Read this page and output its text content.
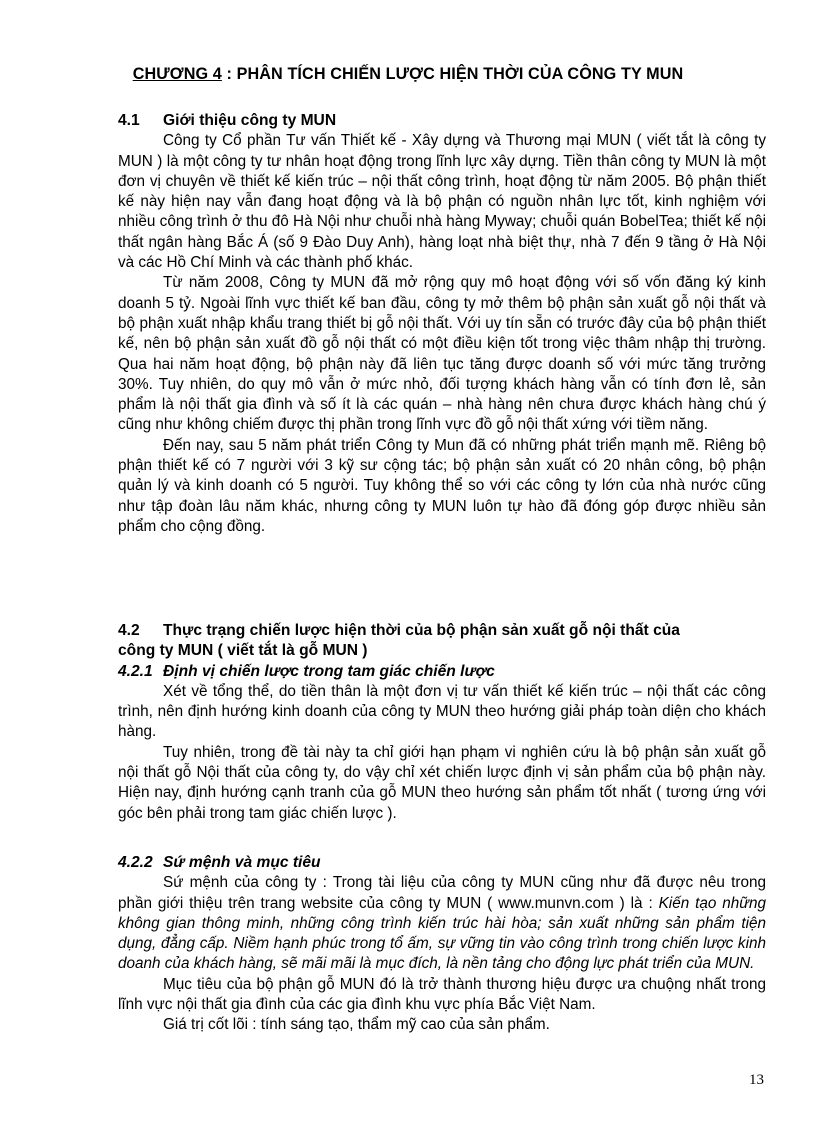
CHƯƠNG 4 : PHÂN TÍCH CHIẾN LƯỢC HIỆN THỜI CỦA CÔNG TY MUN
4.1 Giới thiệu công ty MUN

Công ty Cổ phần Tư vấn Thiết kế - Xây dựng và Thương mại MUN ( viết tắt là công ty MUN ) là một công ty tư nhân hoạt động trong lĩnh lực xây dựng. Tiền thân công ty MUN là một đơn vị chuyên về thiết kế kiến trúc – nội thất công trình, hoạt động từ năm 2005. Bộ phận thiết kế này hiện nay vẫn đang hoạt động và là bộ phận có nguồn nhân lực tốt, kinh nghiệm với nhiều công trình ở thu đô Hà Nội như chuỗi nhà hàng Myway; chuỗi quán BobelTea; thiết kế nội thất ngân hàng Bắc Á (số 9 Đào Duy Anh), hàng loạt nhà biệt thự, nhà 7 đến 9 tầng ở Hà Nội và các Hồ Chí Minh và các thành phố khác.

Từ năm 2008, Công ty MUN đã mở rộng quy mô hoạt động với số vốn đăng ký kinh doanh 5 tỷ. Ngoài lĩnh vực thiết kế ban đầu, công ty mở thêm bộ phận sản xuất gỗ nội thất và bộ phận xuất nhập khẩu trang thiết bị gỗ nội thất. Với uy tín sẵn có trước đây của bộ phận thiết kế, nên bộ phận sản xuất đồ gỗ nội thất có một điều kiện tốt trong việc thâm nhập thị trường. Qua hai năm hoạt động, bộ phận này đã liên tục tăng được doanh số với mức tăng trưởng 30%. Tuy nhiên, do quy mô vẫn ở mức nhỏ, đối tượng khách hàng vẫn có tính đơn lẻ, sản phẩm là nội thất gia đình và số ít là các quán – nhà hàng nên chưa được khách hàng chú ý cũng như không chiếm được thị phần trong lĩnh vực đồ gỗ nội thất xứng với tiềm năng.

Đến nay, sau 5 năm phát triển Công ty Mun đã có những phát triển mạnh mẽ. Riêng bộ phận thiết kế có 7 người với 3 kỹ sư cộng tác; bộ phận sản xuất có 20 nhân công, bộ phận quản lý và kinh doanh có 5 người. Tuy không thể so với các công ty lớn của nhà nước cũng như tập đoàn lâu năm khác, nhưng công ty MUN luôn tự hào đã đóng góp được nhiều sản phẩm cho cộng đồng.

4.2 Thực trạng chiến lược hiện thời của bộ phận sản xuất gỗ nội thất của
công ty MUN ( viết tắt là gỗ MUN )
4.2.1 Định vị chiến lược trong tam giác chiến lược

Xét về tổng thể, do tiền thân là một đơn vị tư vấn thiết kế kiến trúc – nội thất các công trình, nên định hướng kinh doanh của công ty MUN theo hướng giải pháp toàn diện cho khách hàng.

Tuy nhiên, trong đề tài này ta chỉ giới hạn phạm vi nghiên cứu là bộ phận sản xuất gỗ nội thất gỗ Nội thất của công ty, do vậy chỉ xét chiến lược định vị sản phẩm của bộ phận này. Hiện nay, định hướng cạnh tranh của gỗ MUN theo hướng sản phẩm tốt nhất ( tương ứng với góc bên phải trong tam giác chiến lược ).

4.2.2 Sứ mệnh và mục tiêu

Sứ mệnh của công ty : Trong tài liệu của công ty MUN cũng như đã được nêu trong phần giới thiệu trên trang website của công ty MUN ( www.munvn.com ) là : Kiến tạo những không gian thông minh, những công trình kiến trúc hài hòa; sản xuất những sản phẩm tiện dụng, đẳng cấp. Niềm hạnh phúc trong tổ ấm, sự vững tin vào công trình trong chiến lược kinh doanh của khách hàng, sẽ mãi mãi là mục đích, là nền tảng cho động lực phát triển của MUN.

Mục tiêu của bộ phận gỗ MUN đó là trở thành thương hiệu được ưa chuộng nhất trong lĩnh vực nội thất gia đình của các gia đình khu vực phía Bắc Việt Nam.

Giá trị cốt lõi : tính sáng tạo, thẩm mỹ cao của sản phẩm.

13
